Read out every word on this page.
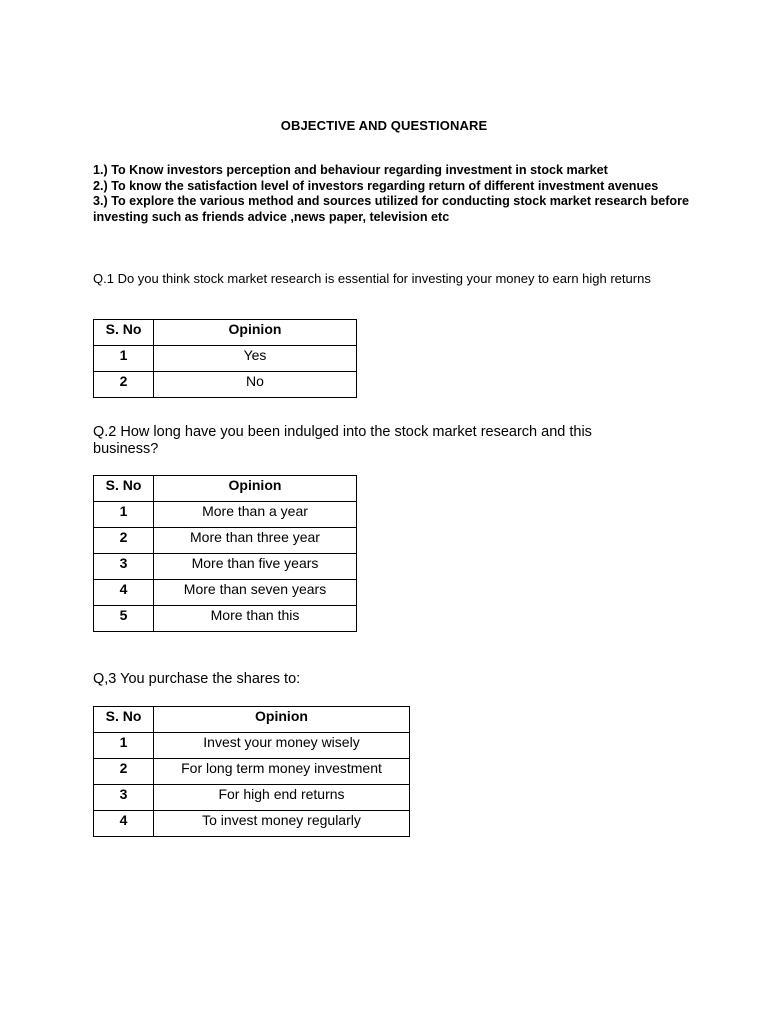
OBJECTIVE AND QUESTIONARE

1.) To Know investors perception and behaviour regarding investment in stock market

2.) To know the satisfaction level of investors regarding return of different investment avenues

3.) To explore the various method and sources utilized for conducting stock market research before investing such as friends advice ,news paper, television etc

Q.1 Do you think stock market research is essential for investing your money to earn high returns

S. No	Opinion
1	Yes
2	No

Q.2 How long have you been indulged into the stock market research and this business?

S. No	Opinion
1	More than a year
2	More than three year
3	More than five years
4	More than seven years
5	More than this

Q,3 You purchase the shares to:

S. No	Opinion
1	Invest your money wisely
2	For long term money investment
3	For high end returns
4	To invest money regularly
